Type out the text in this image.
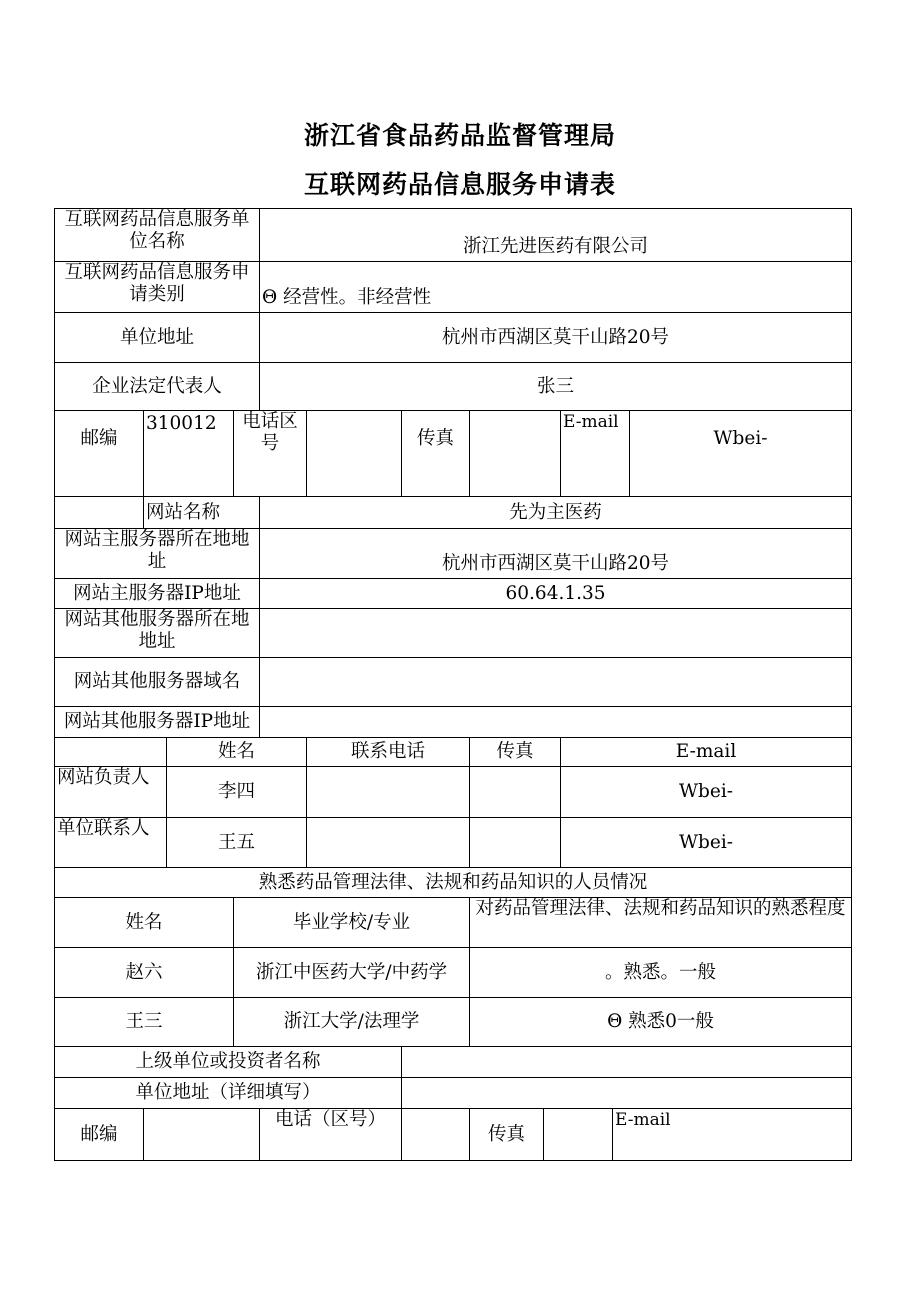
浙江省食品药品监督管理局
互联网药品信息服务申请表
互联网药品信息服务单位名称				浙江先进医药有限公司								
互联网药品信息服务申请类别				Θ 经营性。非经营性								
单位地址				杭州市西湖区莫干山路20号								
企业法定代表人				张三								
邮编	310012		电话区号			传真			E-mail		Wbei-	
	网站名称			先为主医药								
网站主服务器所在地地址				杭州市西湖区莫干山路20号								
网站主服务器IP地址				60.64.1.35								
网站其他服务器所在地地址												
网站其他服务器域名												
网站其他服务器IP地址												
		姓名			联系电话		传真		E-mail			
网站负责人		李四							Wbei-			
单位联系人		王五							Wbei-			
熟悉药品管理法律、法规和药品知识的人员情况												
姓名			毕业学校/专业				对药品管理法律、法规和药品知识的熟悉程度					
赵六			浙江中医药大学/中药学				。熟悉。一般					
王三			浙江大学/法理学				Θ 熟悉0一般					
上级单位或投资者名称												
单位地址（详细填写）												
邮编				电话（区号）			传真			E-mail		
